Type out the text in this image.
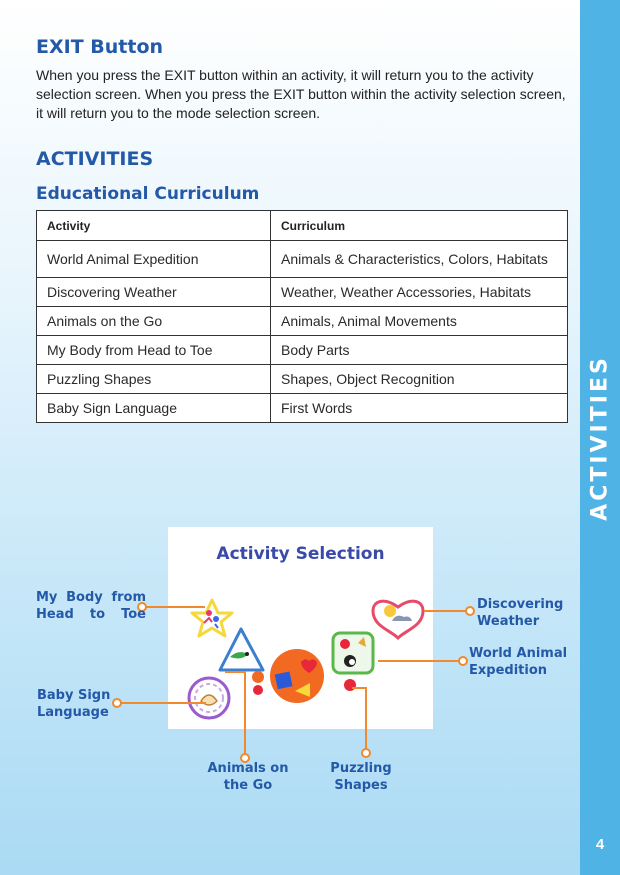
ACTIVITIES
4
EXIT Button

When you press the EXIT button within an activity, it will return you to the activity selection screen. When you press the EXIT button within the activity selection screen, it will return you to the mode selection screen.

ACTIVITIES
Educational Curriculum
Activity	Curriculum
World Animal Expedition	Animals & Characteristics, Colors, Habitats
Discovering Weather	Weather, Weather Accessories, Habitats
Animals on the Go	Animals, Animal Movements
My Body from Head to Toe	Body Parts
Puzzling Shapes	Shapes, Object Recognition
Baby Sign Language	First Words
Activity Selection

My Body from Head to Toe

Baby Sign Language

Animals on the Go

Puzzling Shapes

Discovering Weather

World Animal Expedition
